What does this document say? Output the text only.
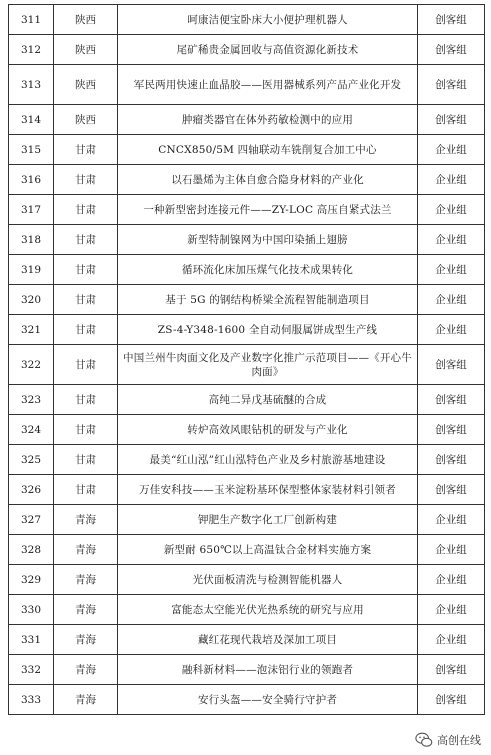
311	陕西	呵康洁便宝卧床大小便护理机器人	创客组
312	陕西	尾矿稀贵金属回收与高值资源化新技术	创客组
313	陕西	军民两用快速止血晶胶——医用器械系列产品产业化开发	创客组
314	陕西	肿瘤类器官在体外药敏检测中的应用	创客组
315	甘肃	CNCX850/5M 四轴联动车铣削复合加工中心	企业组
316	甘肃	以石墨烯为主体自愈合隐身材料的产业化	企业组
317	甘肃	一种新型密封连接元件——ZY-LOC 高压自紧式法兰	企业组
318	甘肃	新型特制镍网为中国印染插上翅膀	企业组
319	甘肃	循环流化床加压煤气化技术成果转化	企业组
320	甘肃	基于 5G 的钢结构桥梁全流程智能制造项目	企业组
321	甘肃	ZS-4-Y348-1600 全自动伺服属饼成型生产线	企业组
322	甘肃	中国兰州牛肉面文化及产业数字化推广示范项目——《开心牛肉面》	创客组
323	甘肃	高纯二异戊基硫醚的合成	创客组
324	甘肃	转炉高效风眼钻机的研发与产业化	创客组
325	甘肃	最美“红山泓”红山泓特色产业及乡村旅游基地建设	创客组
326	甘肃	万佳安科技——玉米淀粉基环保型整体家装材料引领者	创客组
327	青海	钾肥生产数字化工厂创新构建	企业组
328	青海	新型耐 650℃以上高温钛合金材料实施方案	企业组
329	青海	光伏面板清洗与检测智能机器人	企业组
330	青海	富能态太空能光伏光热系统的研究与应用	企业组
331	青海	藏红花现代栽培及深加工项目	企业组
332	青海	融科新材料——泡沫铝行业的领跑者	创客组
333	青海	安行头盔——安全骑行守护者	创客组
高创在线
